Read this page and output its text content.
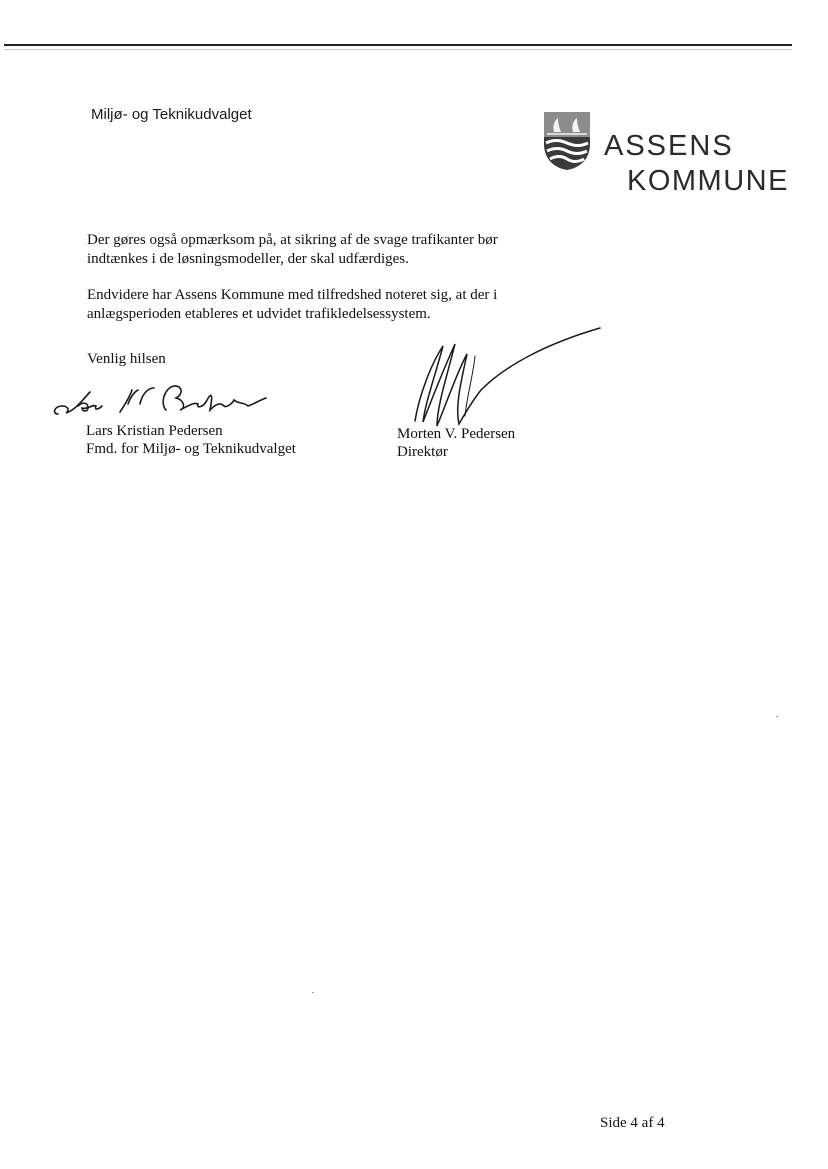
Miljø- og Teknikudvalget
ASSENS
KOMMUNE
Der gøres også opmærksom på, at sikring af de svage trafikanter bør
indtænkes i de løsningsmodeller, der skal udfærdiges.
Endvidere har Assens Kommune med tilfredshed noteret sig, at der i
anlægsperioden etableres et udvidet trafikledelsessystem.
Venlig hilsen
Lars Kristian Pedersen
Fmd. for Miljø- og Teknikudvalget
Morten V. Pedersen
Direktør
Side 4 af 4
